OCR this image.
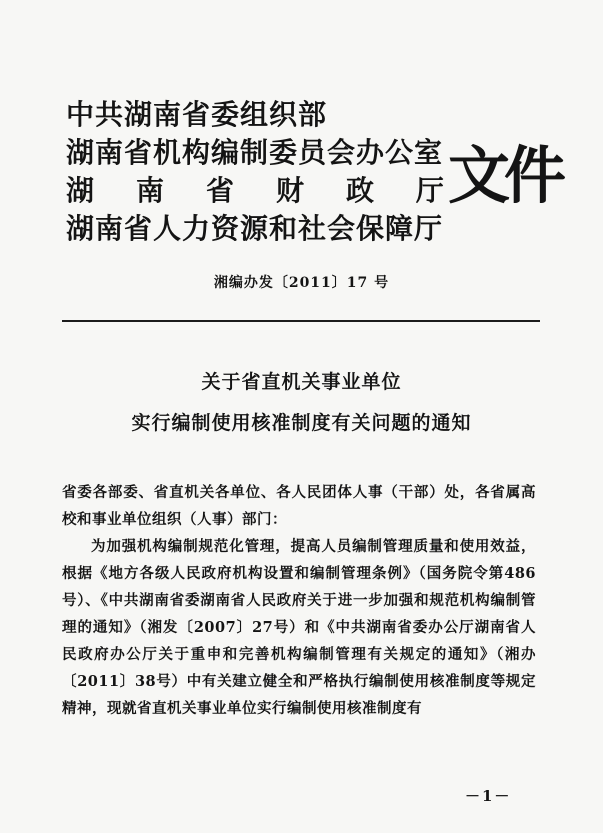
中共湖南省委组织部
湖南省机构编制委员会办公室
湖 南 省 财 政 厅
湖南省人力资源和社会保障厅
文件
湘编办发〔2011〕17 号
关于省直机关事业单位
实行编制使用核准制度有关问题的通知
省委各部委、省直机关各单位、各人民团体人事（干部）处，各省属高校和事业单位组织（人事）部门：
为加强机构编制规范化管理，提高人员编制管理质量和使用效益，根据《地方各级人民政府机构设置和编制管理条例》（国务院令第486号）、《中共湖南省委湖南省人民政府关于进一步加强和规范机构编制管理的通知》（湘发〔2007〕27号）和《中共湖南省委办公厅湖南省人民政府办公厅关于重申和完善机构编制管理有关规定的通知》（湘办〔2011〕38号）中有关建立健全和严格执行编制使用核准制度等规定精神，现就省直机关事业单位实行编制使用核准制度有
－1－
